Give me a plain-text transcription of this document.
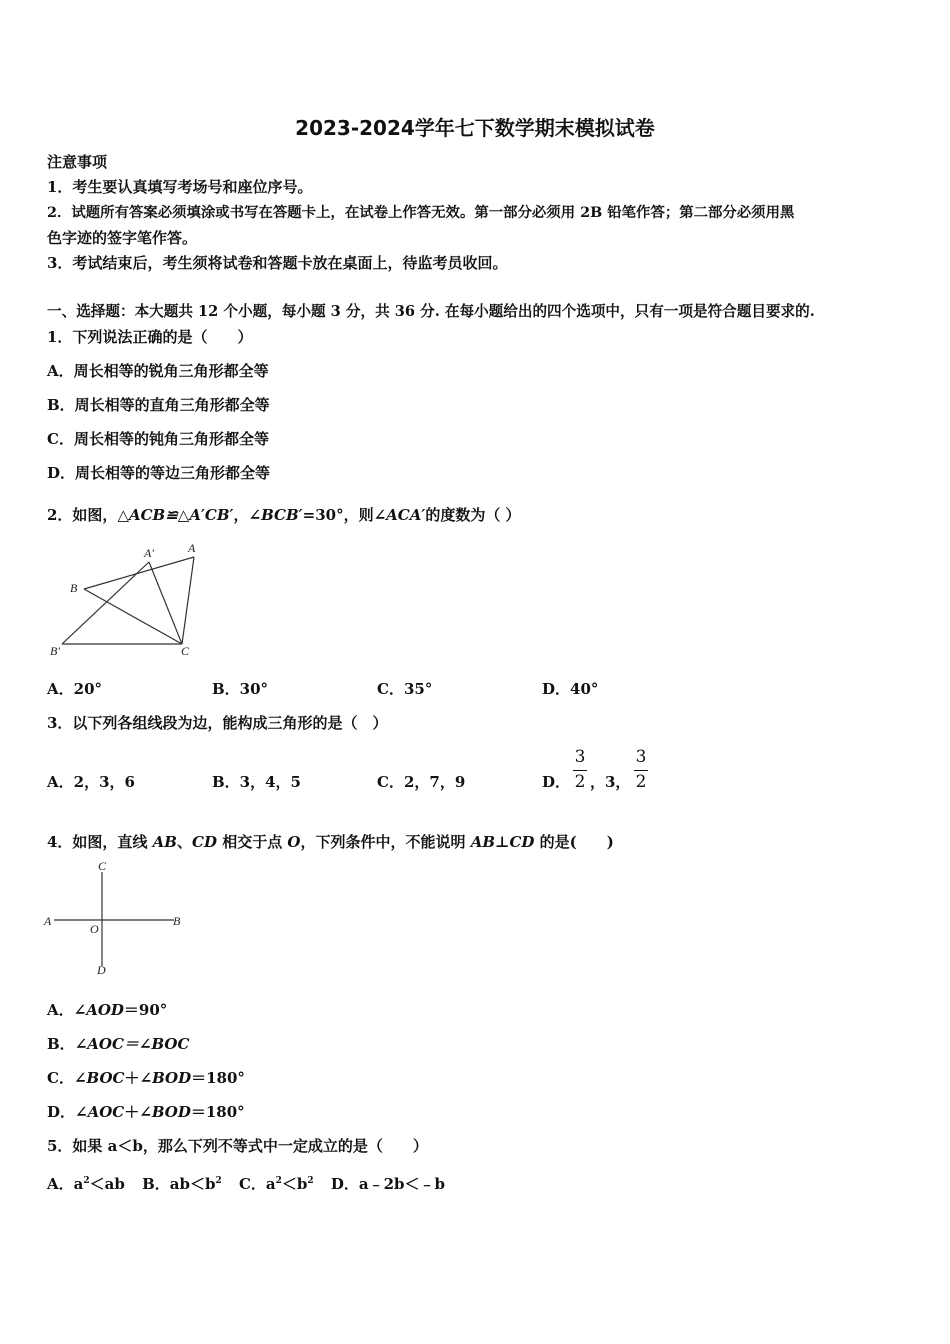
2023-2024学年七下数学期末模拟试卷
注意事项
1．考生要认真填写考场号和座位序号。
2．试题所有答案必须填涂或书写在答题卡上，在试卷上作答无效。第一部分必须用 2B 铅笔作答；第二部分必须用黑
色字迹的签字笔作答。
3．考试结束后，考生须将试卷和答题卡放在桌面上，待监考员收回。
一、选择题：本大题共 12 个小题，每小题 3 分，共 36 分. 在每小题给出的四个选项中，只有一项是符合题目要求的.
1．下列说法正确的是（　　）
A．周长相等的锐角三角形都全等
B．周长相等的直角三角形都全等
C．周长相等的钝角三角形都全等
D．周长相等的等边三角形都全等
2．如图，△ACB≌△A′CB′，∠BCB′=30°，则∠ACA′的度数为（ ）
A
A′
B
B′	C
A．20°	B．30°	C．35°	D．40°
3．以下列各组线段为边，能构成三角形的是（　）
A．2，3，6	B．3，4，5	C．2，7，9	D．
3
2 ，3，
3
2
4．如图，直线 AB、CD 相交于点 O，下列条件中，不能说明 AB⊥CD 的是(　　)
A	B
C
D
O
A．∠AOD＝90°
B．∠AOC＝∠BOC
C．∠BOC＋∠BOD＝180°
D．∠AOC＋∠BOD＝180°
5．如果 a＜b，那么下列不等式中一定成立的是（　　）
A．$a^2<ab$ B．$ab<b^2$ C．$a^2<b^2$ D．a﹣2b＜﹣b
